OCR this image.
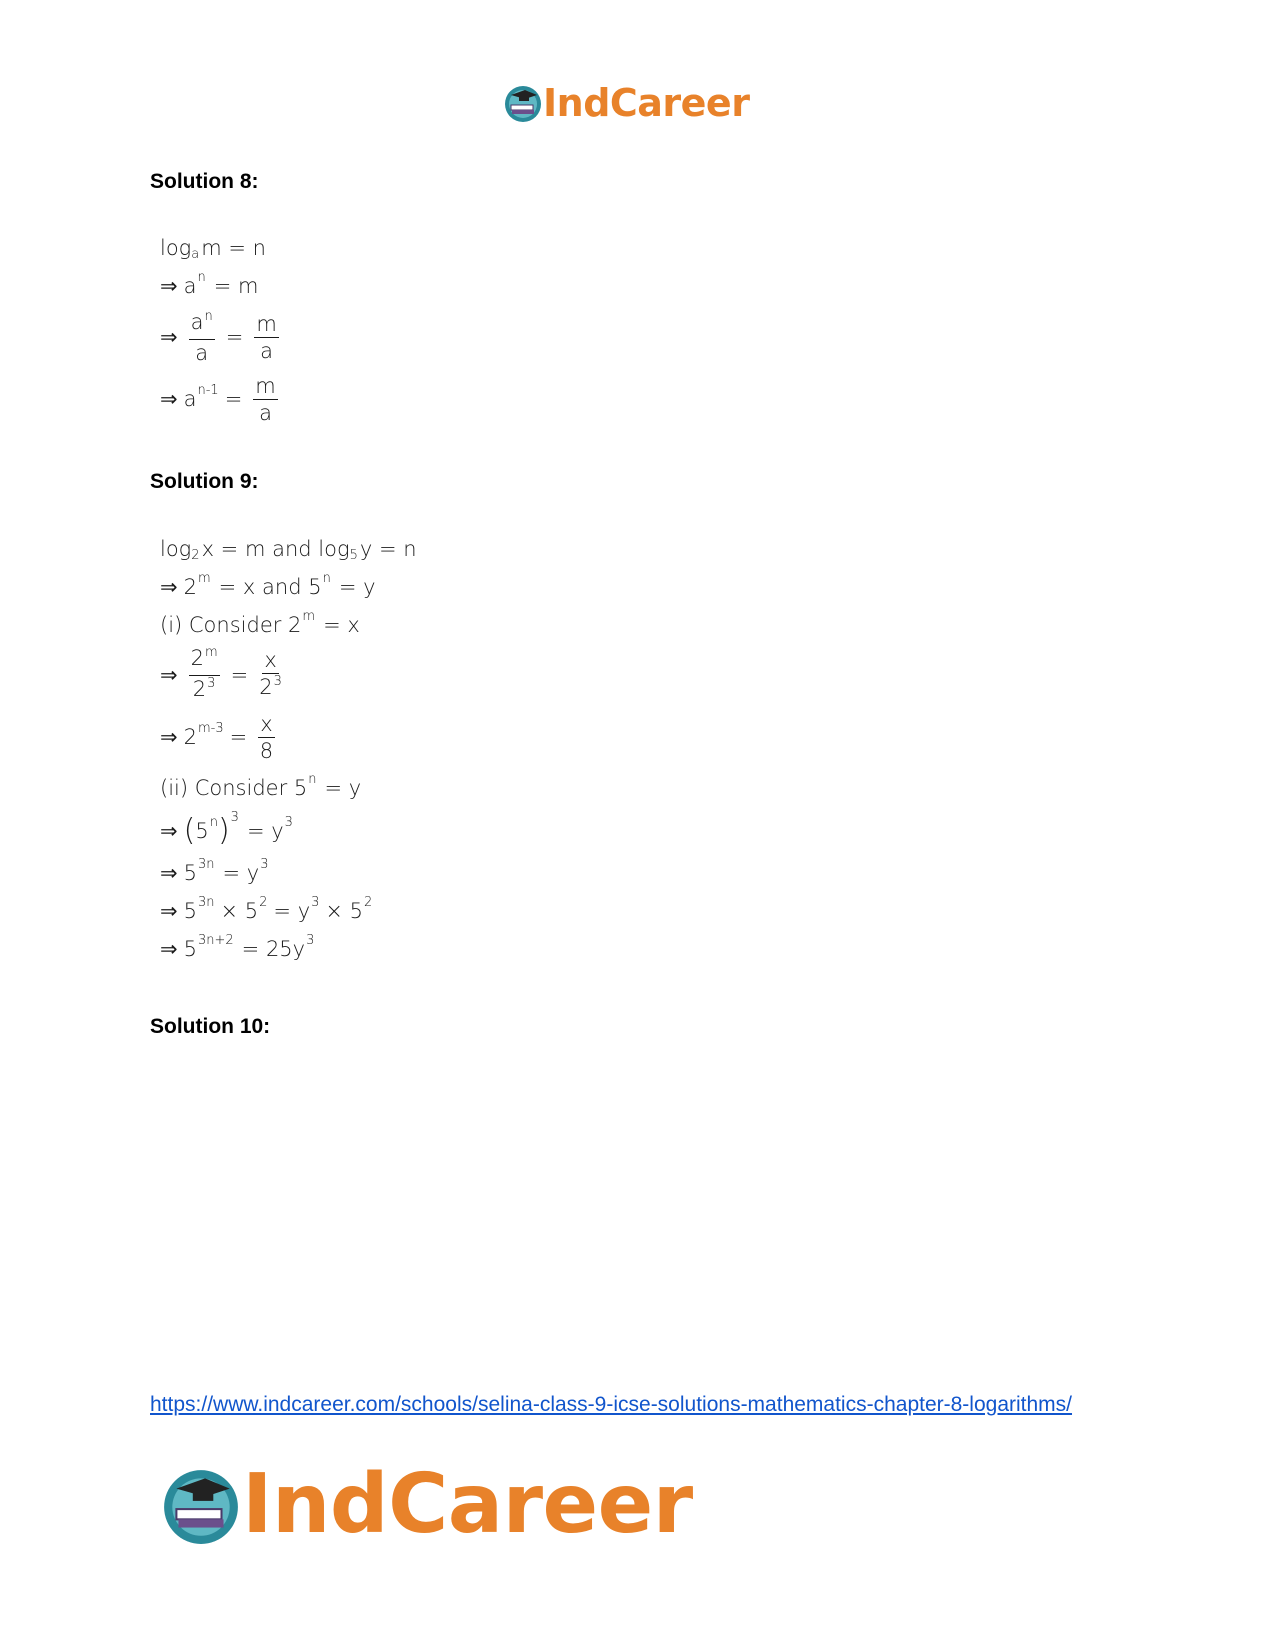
IndCareer
Solution 8:
log a m = n
⇒ a n = m
⇒ $\frac{a^n}{a} = \frac{m}{a}$
⇒ a $n-1 = \frac{m}{a}$
Solution 9:
log 2 x = m and log 5 y = n
⇒ 2 m = x and 5 n = y
(i) Consider 2 m = x
⇒ $\frac{2^m}{2^3} = \frac{x}{2^3}$
⇒ 2 $m-3 = \frac{x}{8}$
(ii) Consider 5 n = y
⇒ ( 5 n ) 3
= y 3
⇒ 5 3n = y 3
⇒ 5 3n × 5 2 = y 3 × 5 2
⇒ 5 3n+2 = 25y 3
Solution 10:
https://www.indcareer.com/schools/selina-class-9-icse-solutions-mathematics-chapter-8-logarithms/
IndCareer
